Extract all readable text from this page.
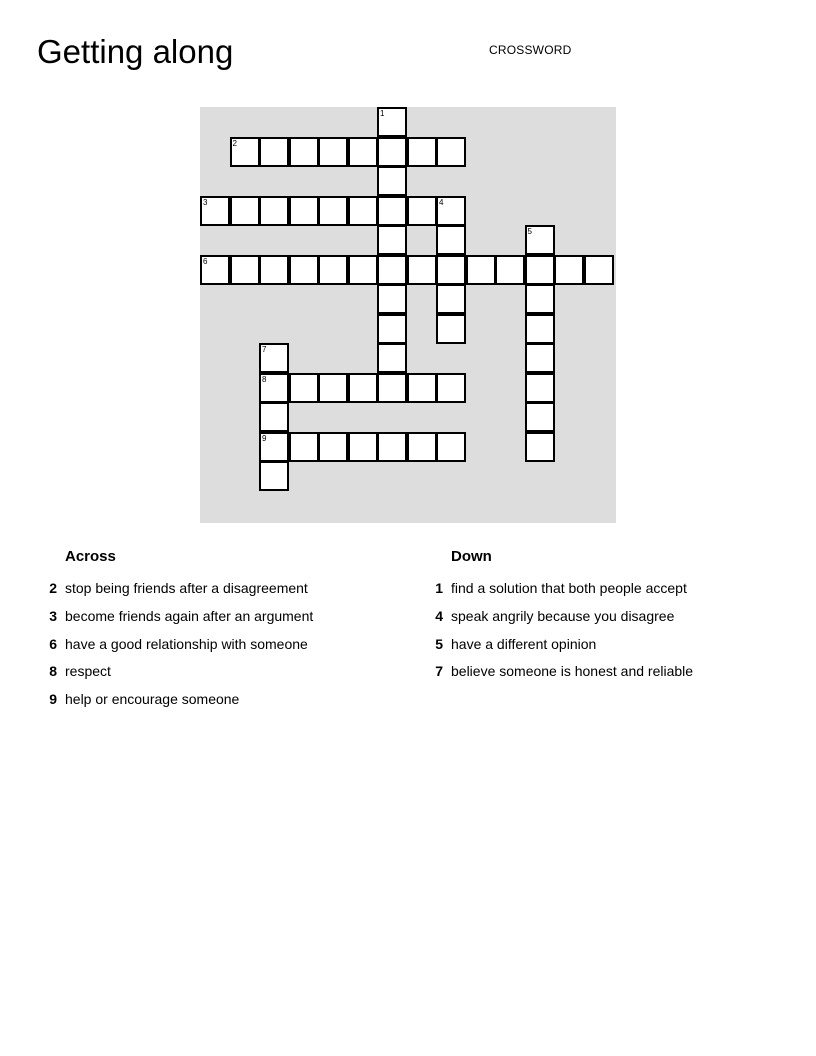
Getting along	CROSSWORD
1
2
3	4
5
6
7
8
9
Across
2 stop being friends after a disagreement
3 become friends again after an argument
6 have a good relationship with someone
8 respect
9 help or encourage someone
Down
1 find a solution that both people accept
4 speak angrily because you disagree
5 have a different opinion
7 believe someone is honest and reliable
